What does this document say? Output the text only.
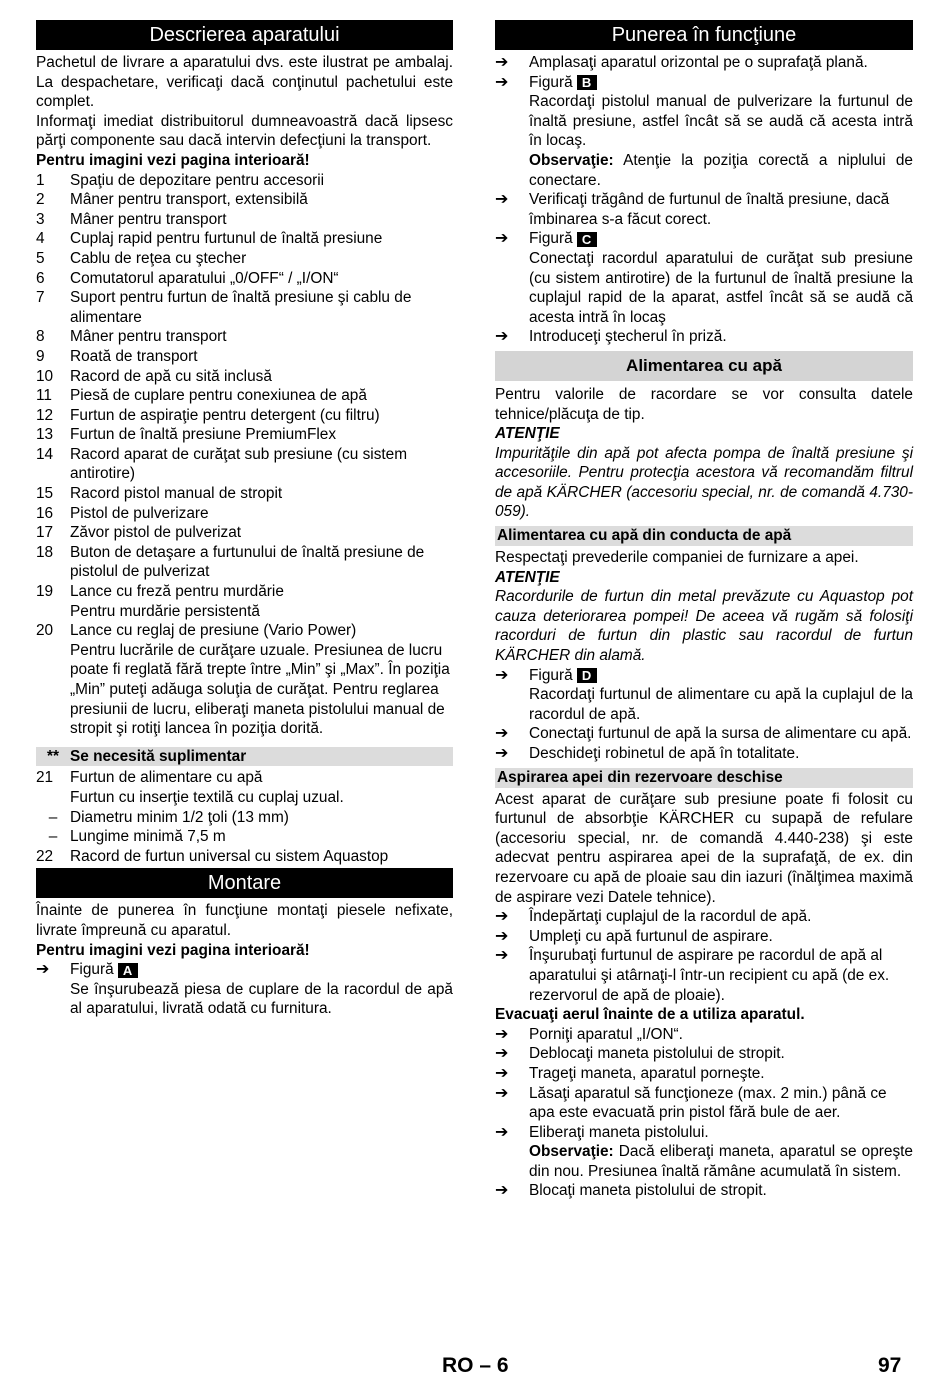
Descrierea aparatului

Pachetul de livrare a aparatului dvs. este ilustrat pe ambalaj. La despachetare, verificaţi dacă conţinutul pachetului este complet.

Informaţi imediat distribuitorul dumneavoastră dacă lipsesc părţi componente sau dacă intervin defecţiuni la transport.

Pentru imagini vezi pagina interioară!

1	Spaţiu de depozitare pentru accesorii
2	Mâner pentru transport, extensibilă
3	Mâner pentru transport
4	Cuplaj rapid pentru furtunul de înaltă presiune
5	Cablu de reţea cu ştecher
6	Comutatorul aparatului „0/OFF“ / „I/ON“
7	Suport pentru furtun de înaltă presiune şi cablu de alimentare
8	Mâner pentru transport
9	Roată de transport
10	Racord de apă cu sită inclusă
11	Piesă de cuplare pentru conexiunea de apă
12	Furtun de aspiraţie pentru detergent (cu filtru)
13	Furtun de înaltă presiune PremiumFlex
14	Racord aparat de curăţat sub presiune (cu sistem antirotire)
15	Racord pistol manual de stropit
16	Pistol de pulverizare
17	Zăvor pistol de pulverizat
18	Buton de detaşare a furtunului de înaltă presiune de pistolul de pulverizat
19	Lance cu freză pentru murdărie
Pentru murdărie persistentă
20	Lance cu reglaj de presiune (Vario Power)
Pentru lucrările de curăţare uzuale. Presiunea de lucru poate fi reglată fără trepte între „Min” şi „Max”. În poziţia „Min” puteţi adăuga soluţia de curăţat. Pentru reglarea presiunii de lucru, eliberaţi maneta pistolului manual de stropit şi rotiţi lancea în poziţia dorită.
** Se necesită suplimentar
21	Furtun de alimentare cu apă
Furtun cu inserţie textilă cu cuplaj uzual.
– Diametru minim 1/2 ţoli (13 mm)
– Lungime minimă 7,5 m
22	Racord de furtun universal cu sistem Aquastop
Montare

Înainte de punerea în funcţiune montaţi piesele nefixate, livrate împreună cu aparatul.

Pentru imagini vezi pagina interioară!

➔	Figură A

Se înşurubează piesa de cuplare de la racordul de apă al aparatului, livrată odată cu furnitura.

Punerea în funcţiune
➔	Amplasaţi aparatul orizontal pe o suprafaţă plană.
➔	Figură B

Racordaţi pistolul manual de pulverizare la furtunul de înaltă presiune, astfel încât să se audă că acesta intră în locaş.

Observaţie: Atenţie la poziţia corectă a niplului de conectare.

➔	Verificaţi trăgând de furtunul de înaltă presiune, dacă îmbinarea s-a făcut corect.
➔	Figură C

Conectaţi racordul aparatului de curăţat sub presiune (cu sistem antirotire) de la furtunul de înaltă presiune la cuplajul rapid de la aparat, astfel încât să se audă că acesta intră în locaş

➔	Introduceţi ştecherul în priză.
Alimentarea cu apă

Pentru valorile de racordare se vor consulta datele tehnice/plăcuţa de tip.

ATENŢIE

Impurităţile din apă pot afecta pompa de înaltă presiune şi accesoriile. Pentru protecţia acestora vă recomandăm filtrul de apă KÄRCHER (accesoriu special, nr. de comandă 4.730-059).

Alimentarea cu apă din conducta de apă

Respectaţi prevederile companiei de furnizare a apei.

ATENŢIE

Racordurile de furtun din metal prevăzute cu Aquastop pot cauza deteriorarea pompei! De aceea vă rugăm să folosiţi racorduri de furtun din plastic sau racordul de furtun KÄRCHER din alamă.

➔	Figură D

Racordaţi furtunul de alimentare cu apă la cuplajul de la racordul de apă.

➔	Conectaţi furtunul de apă la sursa de alimentare cu apă.
➔	Deschideţi robinetul de apă în totalitate.
Aspirarea apei din rezervoare deschise

Acest aparat de curăţare sub presiune poate fi folosit cu furtunul de absorbţie KÄRCHER cu supapă de refulare (accesoriu special, nr. de comandă 4.440-238) şi este adecvat pentru aspirarea apei de la suprafaţă, de ex. din rezervoare cu apă de ploaie sau din iazuri (înălţimea maximă de aspirare vezi Datele tehnice).

➔	Îndepărtaţi cuplajul de la racordul de apă.
➔	Umpleţi cu apă furtunul de aspirare.
➔	Înşurubaţi furtunul de aspirare pe racordul de apă al aparatului şi atârnaţi-l într-un recipient cu apă (de ex. rezervorul de apă de ploaie).

Evacuaţi aerul înainte de a utiliza aparatul.

➔	Porniţi aparatul „I/ON“.
➔	Deblocaţi maneta pistolului de stropit.
➔	Trageţi maneta, aparatul porneşte.
➔	Lăsaţi aparatul să funcţioneze (max. 2 min.) până ce apa este evacuată prin pistol fără bule de aer.
➔	Eliberaţi maneta pistolului.

Observaţie: Dacă eliberaţi maneta, aparatul se opreşte din nou. Presiunea înaltă rămâne acumulată în sistem.

➔	Blocaţi maneta pistolului de stropit.
RO – 6	97
